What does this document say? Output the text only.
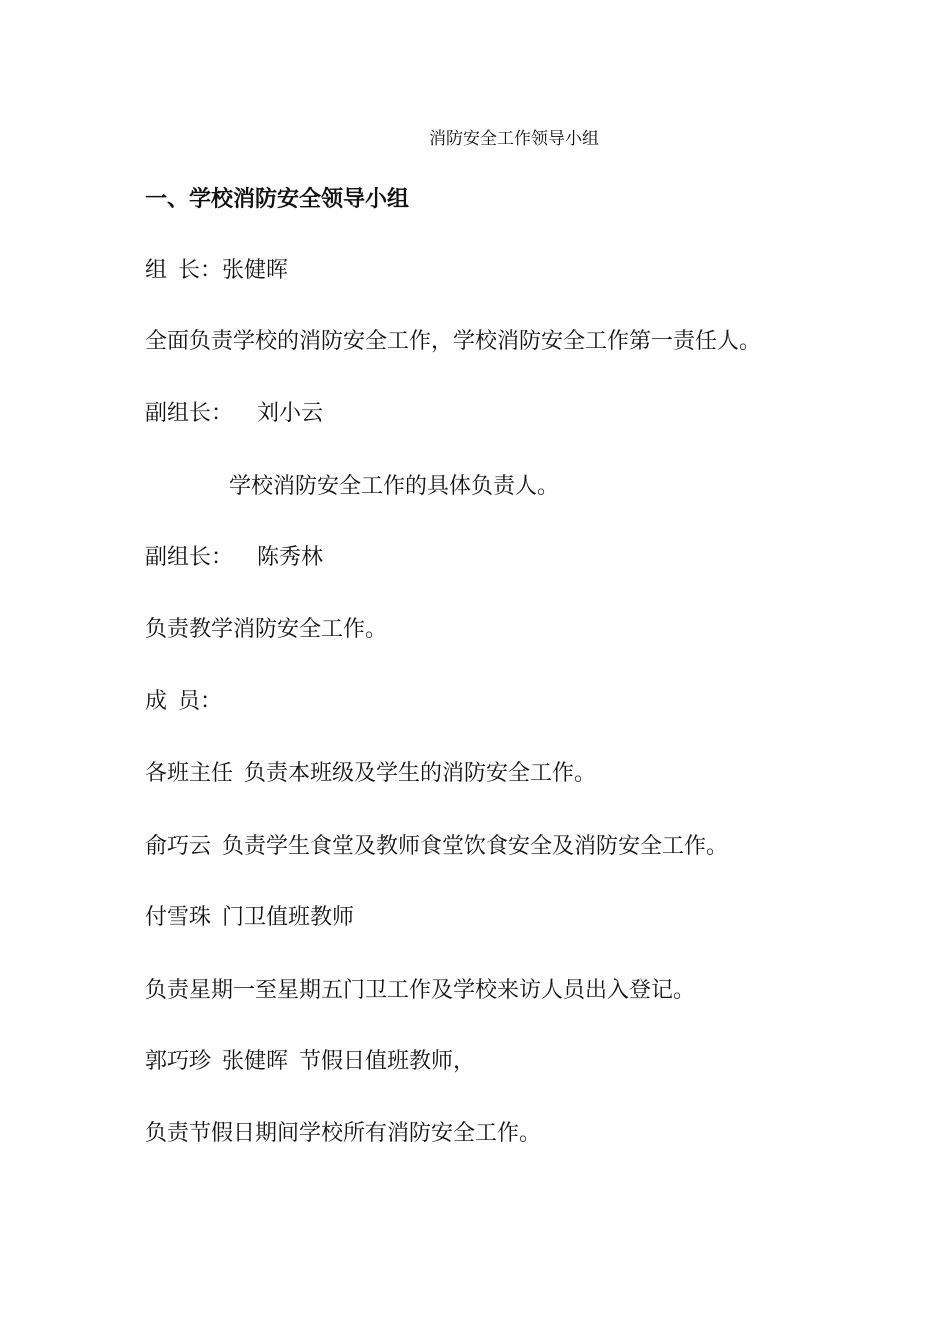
消防安全工作领导小组
一、学校消防安全领导小组
组 长：张健晖
全面负责学校的消防安全工作，学校消防安全工作第一责任人。
副组长： 刘小云
学校消防安全工作的具体负责人。
副组长： 陈秀林
负责教学消防安全工作。
成 员：
各班主任 负责本班级及学生的消防安全工作。
俞巧云 负责学生食堂及教师食堂饮食安全及消防安全工作。
付雪珠 门卫值班教师
负责星期一至星期五门卫工作及学校来访人员出入登记。
郭巧珍 张健晖 节假日值班教师，
负责节假日期间学校所有消防安全工作。
